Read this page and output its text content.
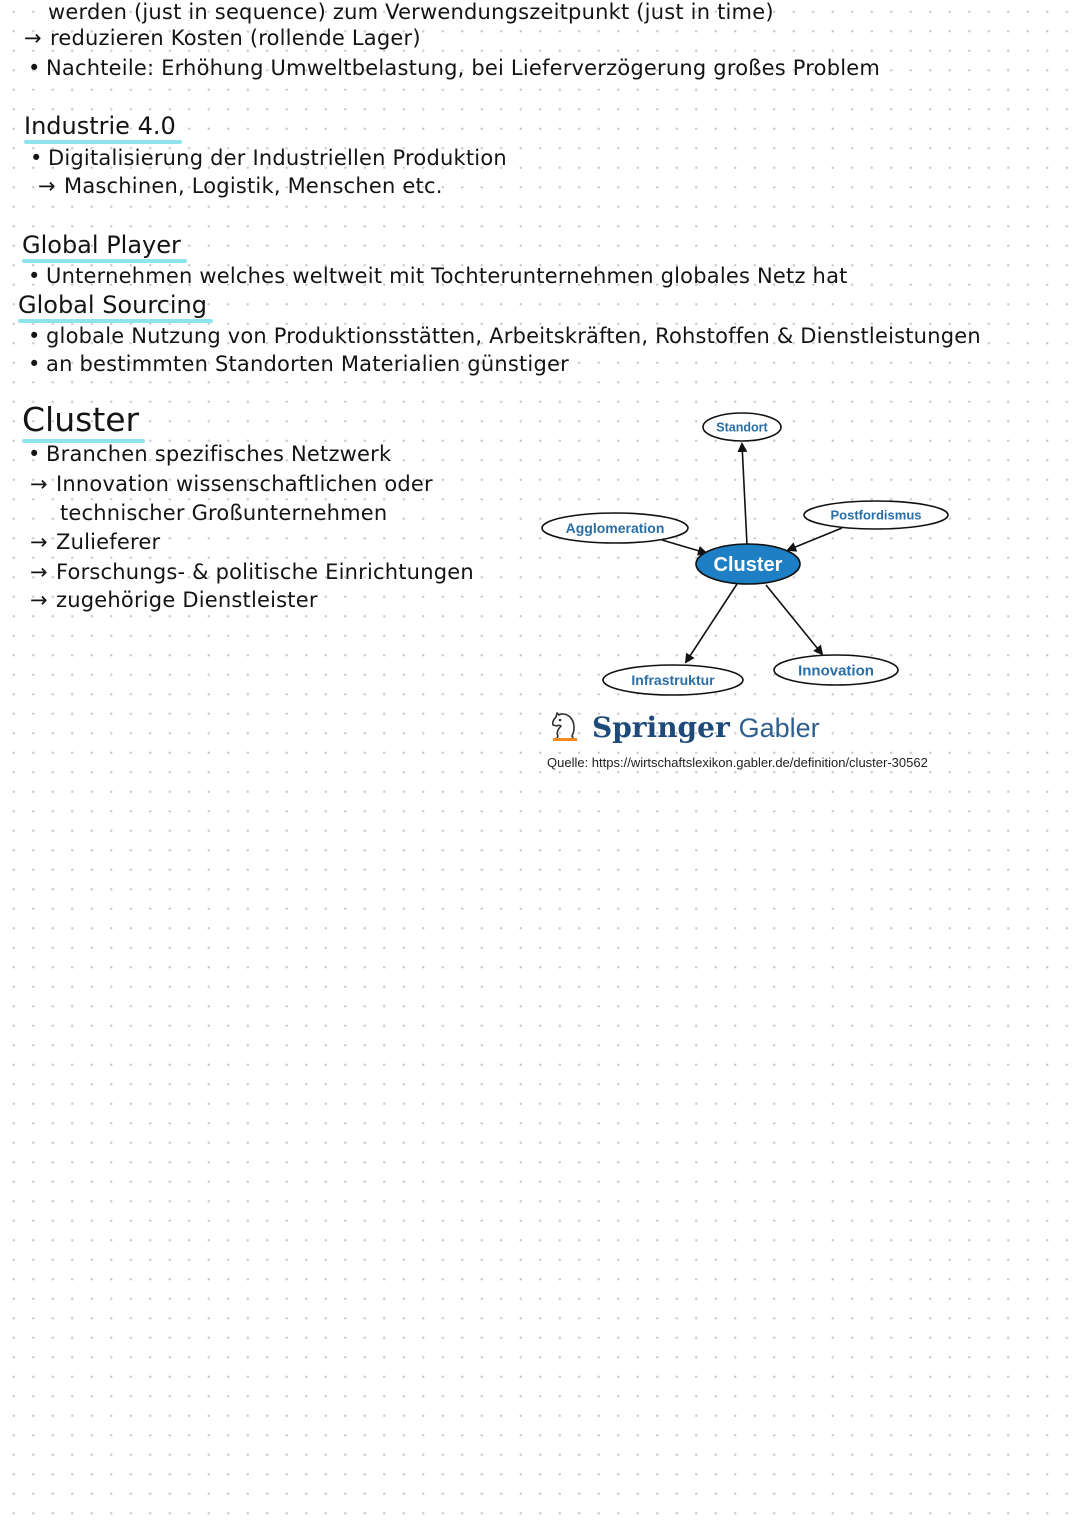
werden (just in sequence) zum Verwendungszeitpunkt (just in time)
→ reduzieren Kosten (rollende Lager)
• Nachteile: Erhöhung Umweltbelastung, bei Lieferverzögerung großes Problem
Industrie 4.0
• Digitalisierung der Industriellen Produktion
→ Maschinen, Logistik, Menschen etc.
Global Player
• Unternehmen welches weltweit mit Tochterunternehmen globales Netz hat
Global Sourcing
• globale Nutzung von Produktionsstätten, Arbeitskräften, Rohstoffen & Dienstleistungen
• an bestimmten Standorten Materialien günstiger
Cluster
• Branchen spezifisches Netzwerk
→ Innovation wissenschaftlichen oder
technischer Großunternehmen
→ Zulieferer
→ Forschungs- & politische Einrichtungen
→ zugehörige Dienstleister
Standort
Agglomeration
Postfordismus
Cluster
Infrastruktur
Innovation
Springer Gabler
Quelle: https://wirtschaftslexikon.gabler.de/definition/cluster-30562
